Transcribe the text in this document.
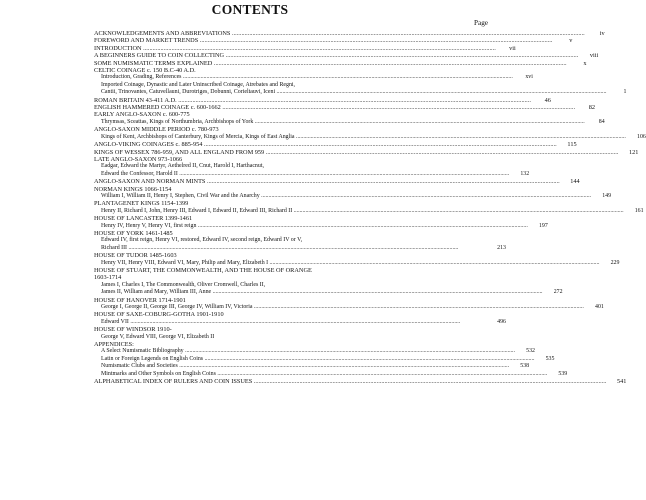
CONTENTS
Page
ACKNOWLEDGEMENTS AND ABBREVIATIONS .....	iv
FOREWORD AND MARKET TRENDS .....	v
INTRODUCTION .....	vii
A BEGINNERS GUIDE TO COIN COLLECTING .....	viii
SOME NUMISMATIC TERMS EXPLAINED .....	x
CELTIC COINAGE c. 150 B.C-40 A.D.
Introduction, Grading, References .....	xvi
Imported Coinage, Dynastic and Later Uninscribed Coinage, Atrebates and Regni,
Cantii, Trinovantes, Catuvellauni, Durotriges, Dobunni, Corieltauvi, Iceni .....	1
ROMAN BRITAIN 43-411 A.D. .....	46
ENGLISH HAMMERED COINAGE c. 600-1662 .....	82
EARLY ANGLO-SAXON c. 600-775
Thrymsas, Sceattas, Kings of Northumbria, Archbishops of York .....	84
ANGLO-SAXON MIDDLE PERIOD c. 780-973
Kings of Kent, Archbishops of Canterbury, Kings of Mercia, Kings of East Anglia .....	106
ANGLO-VIKING COINAGES c. 885-954 .....	115
KINGS OF WESSEX 786-959, AND ALL ENGLAND FROM 959 .....	121
LATE ANGLO-SAXON 973-1066
Eadgar, Edward the Martyr, Aethelred II, Cnut, Harold I, Harthacnut,
Edward the Confessor, Harold II .....	132
ANGLO-SAXON AND NORMAN MINTS .....	144
NORMAN KINGS 1066-1154
William I, William II, Henry I, Stephen, Civil War and the Anarchy .....	149
PLANTAGENET KINGS 1154-1399
Henry II, Richard I, John, Henry III, Edward I, Edward II, Edward III, Richard II .....	161
HOUSE OF LANCASTER 1399-1461
Henry IV, Henry V, Henry VI, first reign .....	197
HOUSE OF YORK 1461-1485
Edward IV, first reign, Henry VI, restored, Edward IV, second reign, Edward IV or V,
Richard III .....	213
HOUSE OF TUDOR 1485-1603
Henry VII, Henry VIII, Edward VI, Mary, Philip and Mary, Elizabeth I .....	229
HOUSE OF STUART, THE COMMONWEALTH, AND THE HOUSE OF ORANGE
1603-1714
James I, Charles I, The Commonwealth, Oliver Cromwell, Charles II,
James II, William and Mary, William III, Anne .....	272
HOUSE OF HANOVER 1714-1901
George I, George II, George III, George IV, William IV, Victoria .....	401
HOUSE OF SAXE-COBURG-GOTHA 1901-1910
Edward VII .....	496
HOUSE OF WINDSOR 1910-
George V, Edward VIII, George VI, Elizabeth II
APPENDICES:
A Select Numismatic Bibliography .....	532
Latin or Foreign Legends on English Coins .....	535
Numismatic Clubs and Societies .....	538
Mintmarks and Other Symbols on English Coins .....	539
ALPHABETICAL INDEX OF RULERS AND COIN ISSUES .....	541
